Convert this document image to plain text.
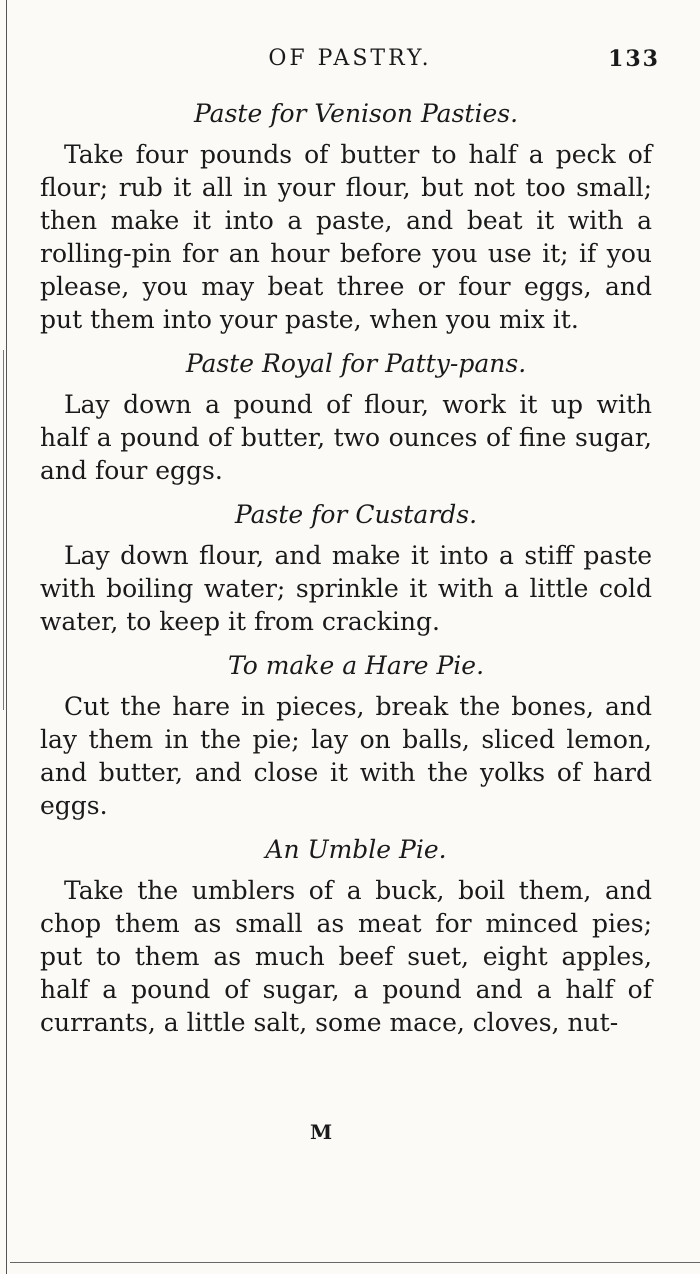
OF PASTRY.	133
Paste for Venison Pasties.

Take four pounds of butter to half a peck of flour; rub it all in your flour, but not too small; then make it into a paste, and beat it with a rolling-pin for an hour before you use it; if you please, you may beat three or four eggs, and put them into your paste, when you mix it.

Paste Royal for Patty-pans.

Lay down a pound of flour, work it up with half a pound of butter, two ounces of fine sugar, and four eggs.

Paste for Custards.

Lay down flour, and make it into a stiff paste with boiling water; sprinkle it with a little cold water, to keep it from cracking.

To make a Hare Pie.

Cut the hare in pieces, break the bones, and lay them in the pie; lay on balls, sliced lemon, and butter, and close it with the yolks of hard eggs.

An Umble Pie.

Take the umblers of a buck, boil them, and chop them as small as meat for minced pies; put to them as much beef suet, eight apples, half a pound of sugar, a pound and a half of currants, a little salt, some mace, cloves, nut-

M
